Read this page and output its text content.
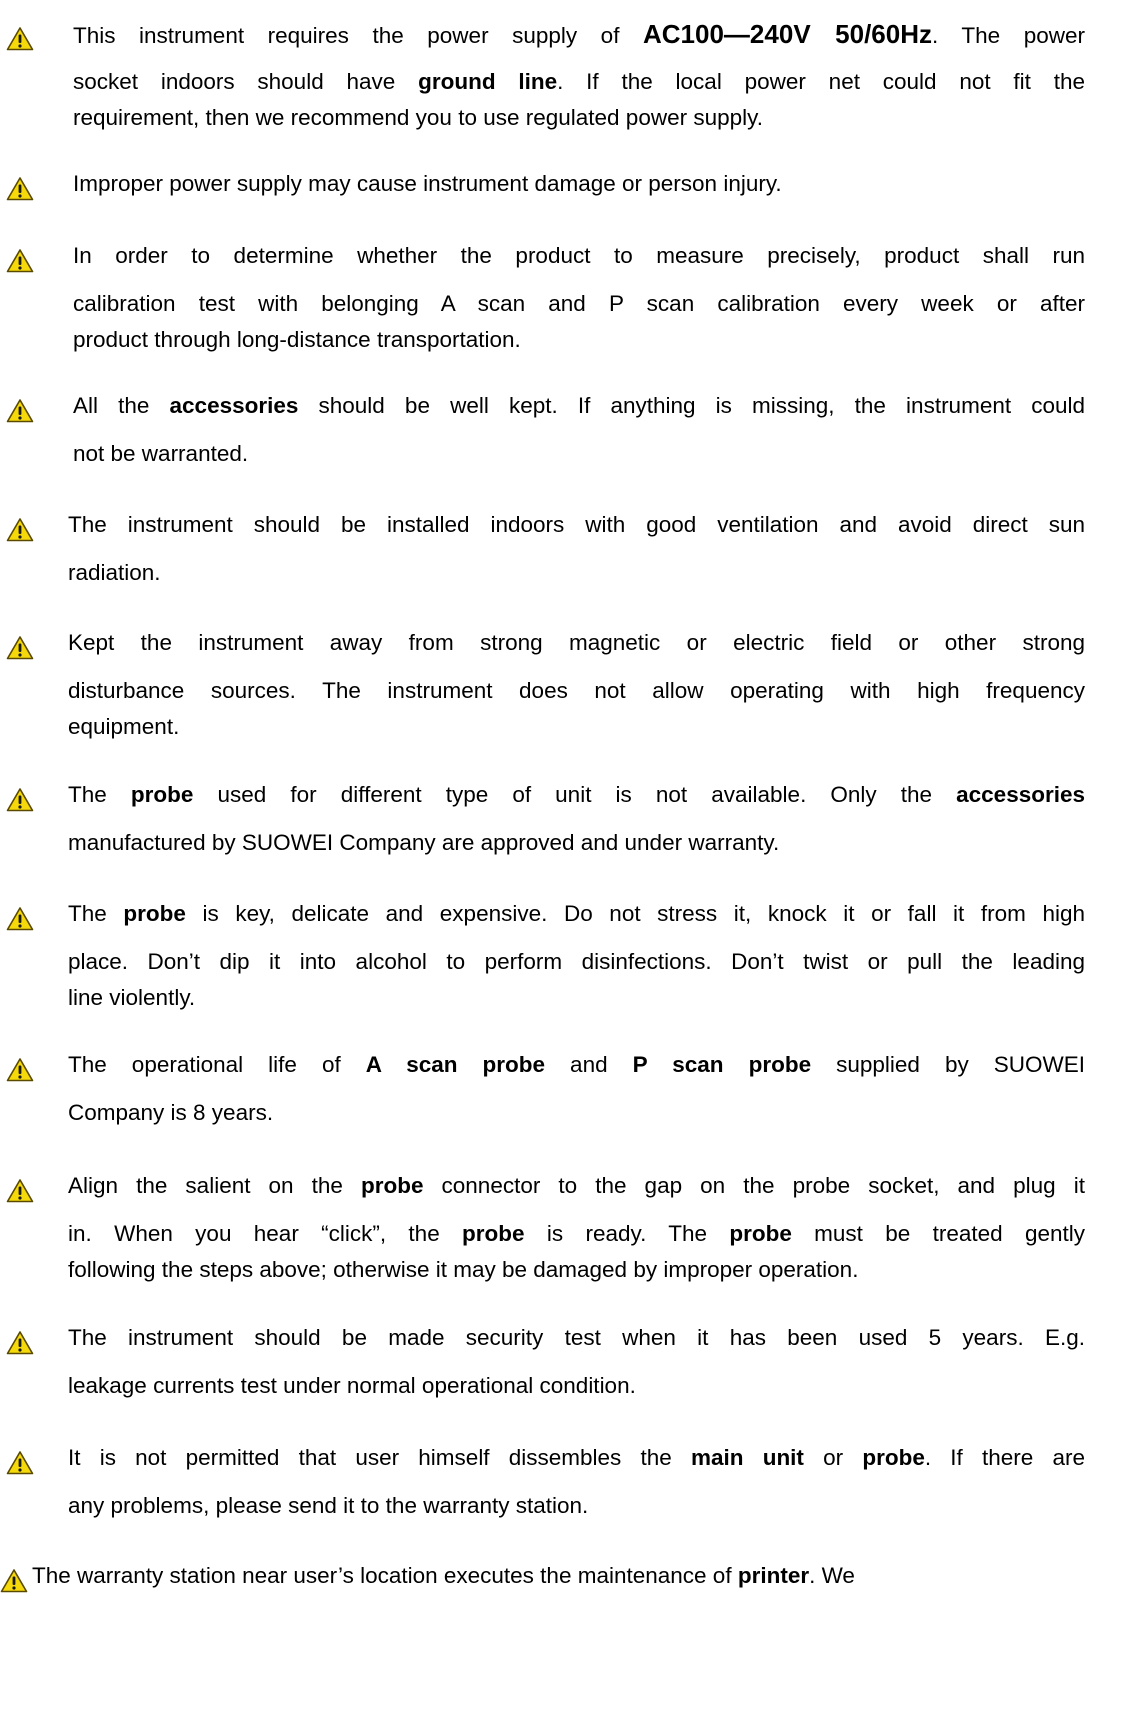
This instrument requires the power supply of AC100—240V 50/60Hz. The power
socket indoors should have ground line. If the local power net could not fit the
requirement, then we recommend you to use regulated power supply.
Improper power supply may cause instrument damage or person injury.
In order to determine whether the product to measure precisely, product shall run
calibration test with belonging A scan and P scan calibration every week or after
product through long-distance transportation.
All the accessories should be well kept. If anything is missing, the instrument could
not be warranted.
The instrument should be installed indoors with good ventilation and avoid direct sun
radiation.
Kept the instrument away from strong magnetic or electric field or other strong
disturbance sources. The instrument does not allow operating with high frequency
equipment.
The probe used for different type of unit is not available. Only the accessories
manufactured by SUOWEI Company are approved and under warranty.
The probe is key, delicate and expensive. Do not stress it, knock it or fall it from high
place. Don’t dip it into alcohol to perform disinfections. Don’t twist or pull the leading
line violently.
The operational life of A scan probe and P scan probe supplied by SUOWEI
Company is 8 years.
Align the salient on the probe connector to the gap on the probe socket, and plug it
in. When you hear “click”, the probe is ready. The probe must be treated gently
following the steps above; otherwise it may be damaged by improper operation.
The instrument should be made security test when it has been used 5 years. E.g.
leakage currents test under normal operational condition.
It is not permitted that user himself dissembles the main unit or probe. If there are
any problems, please send it to the warranty station.
The warranty station near user’s location executes the maintenance of printer. We
